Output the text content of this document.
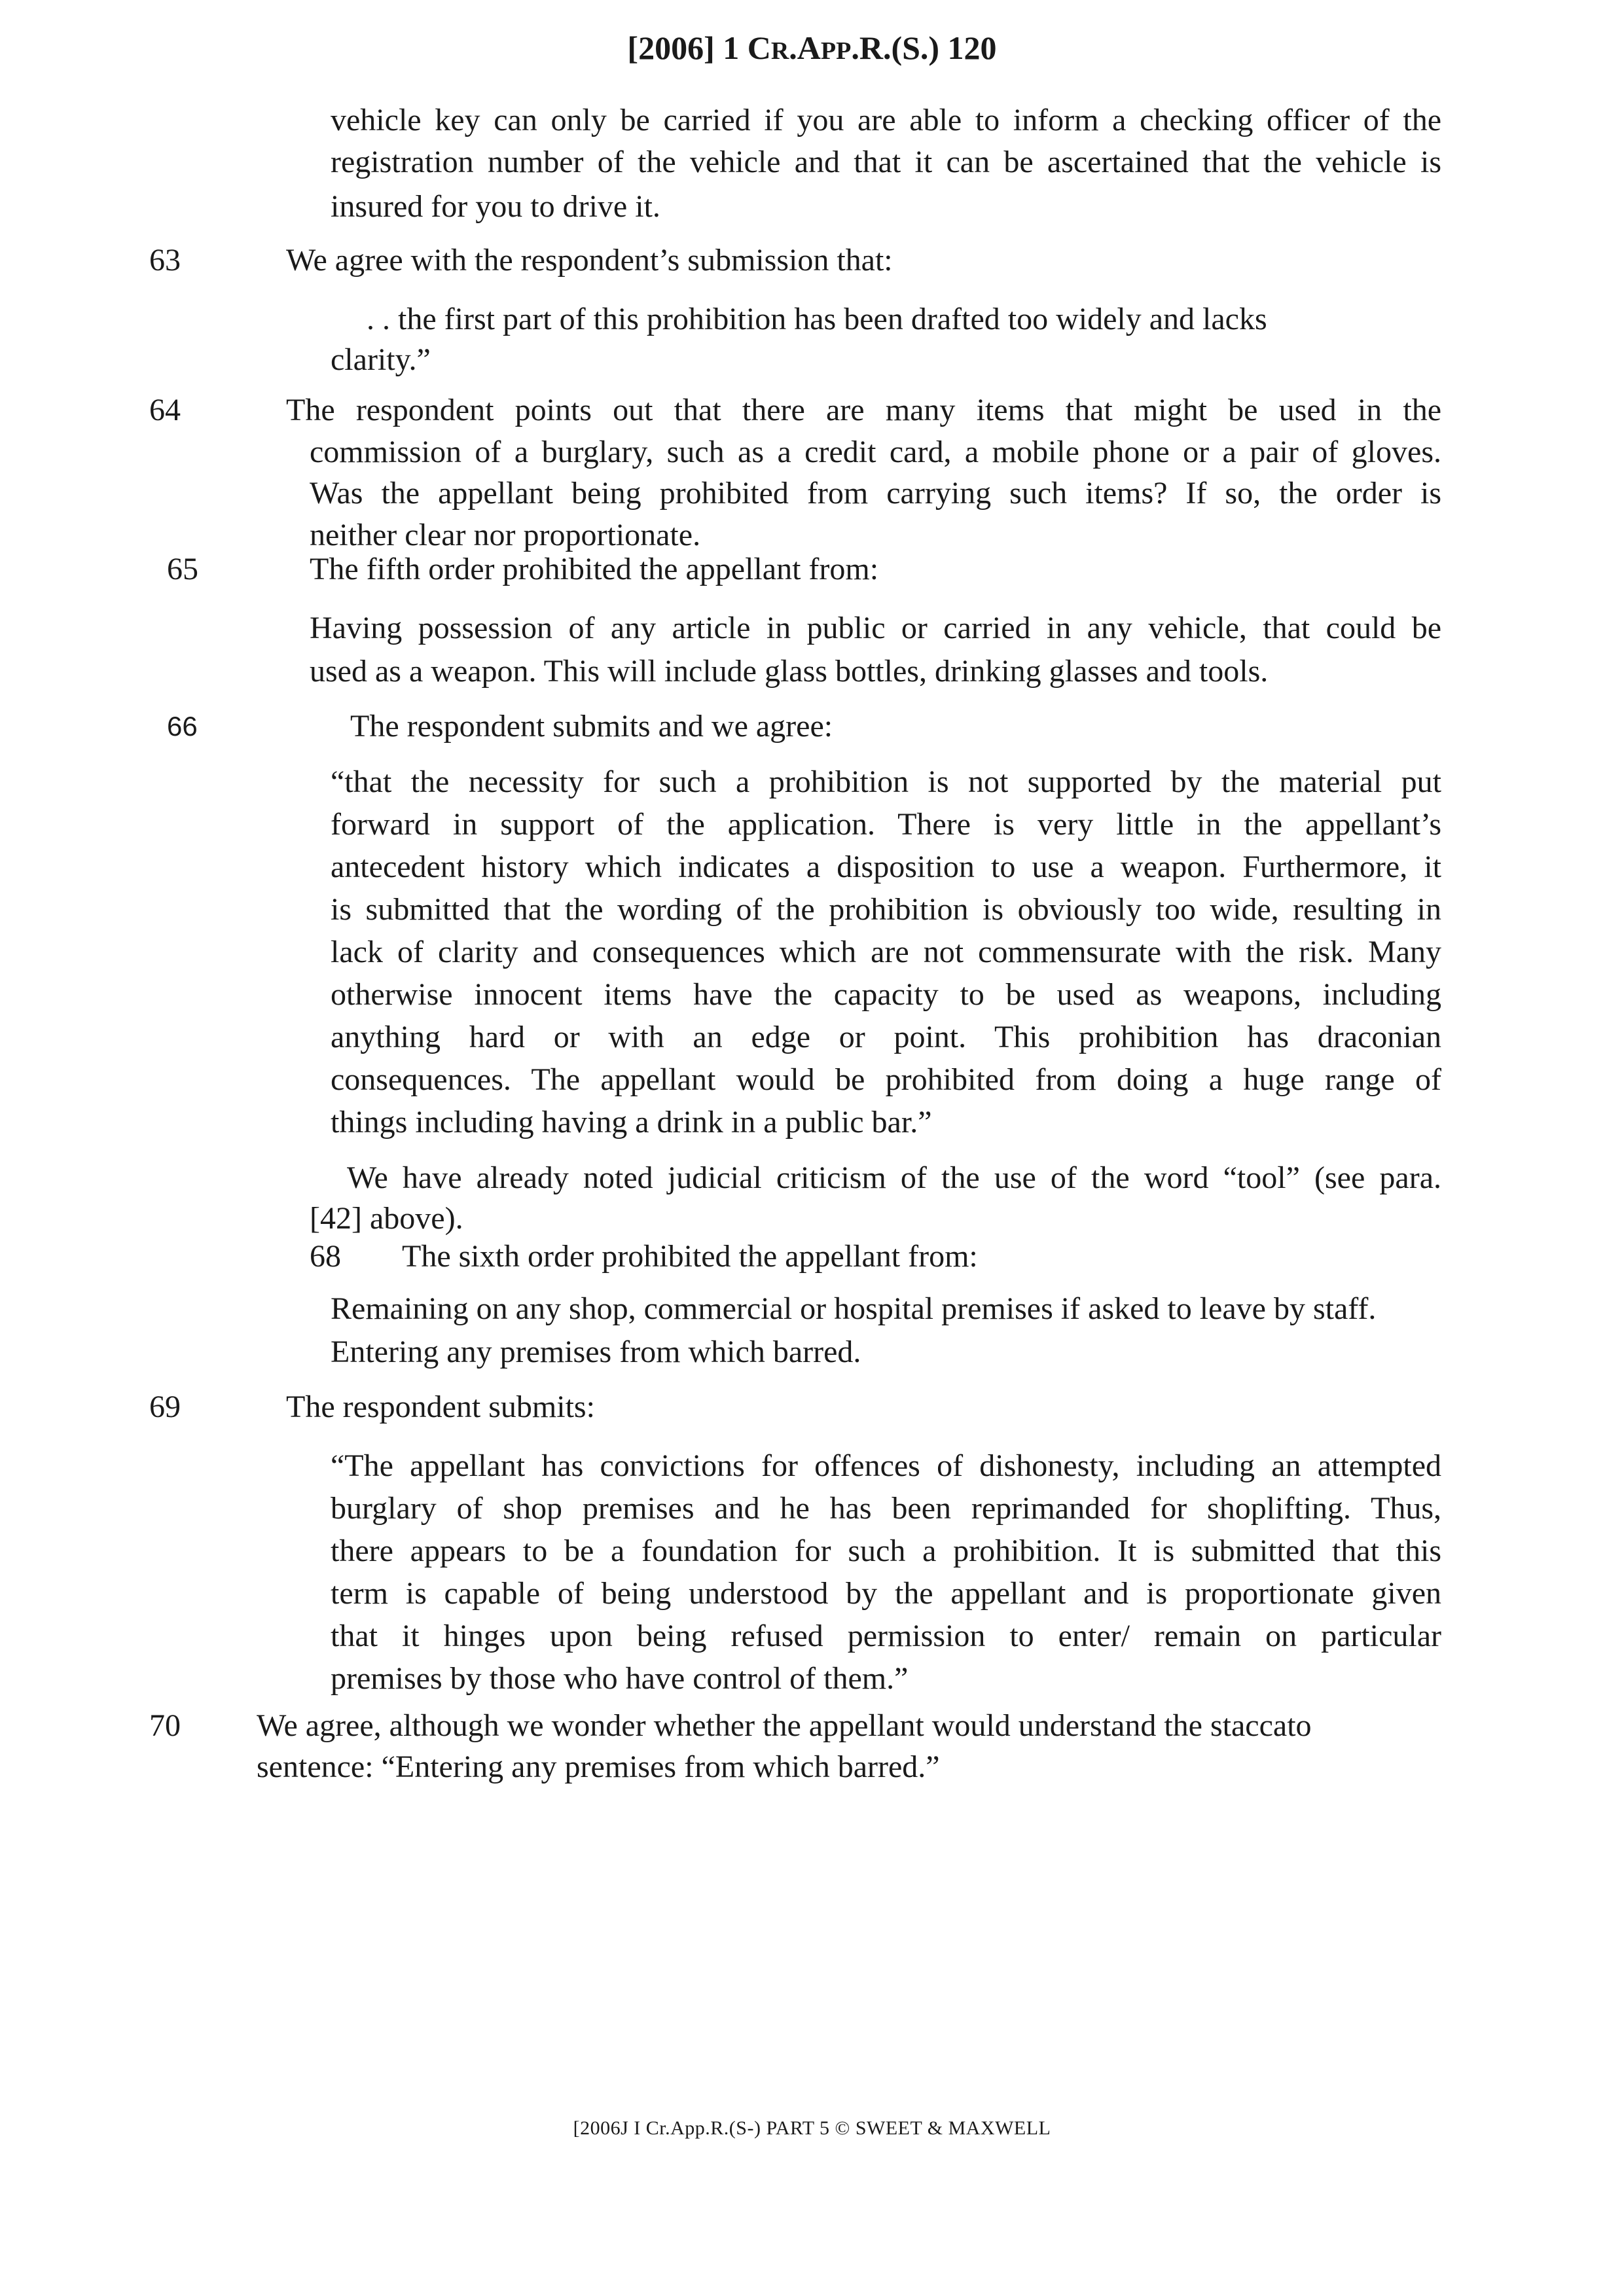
[2006] 1 CR.APP.R.(S.) 120
63
64
65
66
68
69
70
vehicle key can only be carried if you are able to inform a checking officer of the
registration number of the vehicle and that it can be ascertained that the vehicle is
insured for you to drive it.
We agree with the respondent’s submission that:
. . the first part of this prohibition has been drafted too widely and lacks
clarity.”
The respondent points out that there are many items that might be used in the
commission of a burglary, such as a credit card, a mobile phone or a pair of gloves.
Was the appellant being prohibited from carrying such items? If so, the order is
neither clear nor proportionate.
The fifth order prohibited the appellant from:
Having possession of any article in public or carried in any vehicle, that could be
used as a weapon. This will include glass bottles, drinking glasses and tools.
The respondent submits and we agree:
“that the necessity for such a prohibition is not supported by the material put
forward in support of the application. There is very little in the appellant’s
antecedent history which indicates a disposition to use a weapon. Furthermore, it
is submitted that the wording of the prohibition is obviously too wide, resulting in
lack of clarity and consequences which are not commensurate with the risk. Many
otherwise innocent items have the capacity to be used as weapons, including
anything hard or with an edge or point. This prohibition has draconian
consequences. The appellant would be prohibited from doing a huge range of
things including having a drink in a public bar.”
We have already noted judicial criticism of the use of the word “tool” (see para.
[42] above).
The sixth order prohibited the appellant from:
Remaining on any shop, commercial or hospital premises if asked to leave by staff.
Entering any premises from which barred.
The respondent submits:
“The appellant has convictions for offences of dishonesty, including an attempted
burglary of shop premises and he has been reprimanded for shoplifting. Thus,
there appears to be a foundation for such a prohibition. It is submitted that this
term is capable of being understood by the appellant and is proportionate given
that it hinges upon being refused permission to enter/ remain on particular
premises by those who have control of them.”
We agree, although we wonder whether the appellant would understand the staccato
sentence: “Entering any premises from which barred.”
[2006J I Cr.App.R.(S-) PART 5 © SWEET & MAXWELL
